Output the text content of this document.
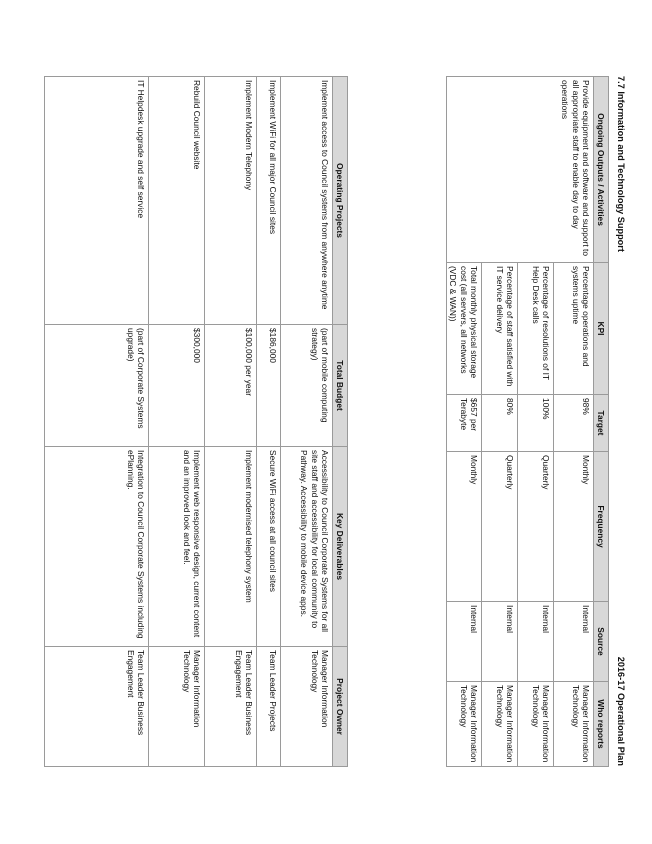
7.7 Information and Technology Support
2016-17 Operational Plan
Ongoing Outputs / Activities	KPI	Target	Frequency	Source	Who reports
Provide equipment and software and support to all appropriate staff to enable day to day operations	Percentage operations and systems uptime	98%	Monthly	Internal	Manager Information Technology
	Percentage of resolutions of IT Help Desk calls	100%	Quarterly	Internal	Manager Information Technology
	Percentage of staff satisfied with IT service delivery	80%	Quarterly	Internal	Manager Information Technology
	Total monthly physical storage cost (all servers, all networks (VDC & WAN))	$657 per Terabyte	Monthly	Internal	Manager Information Technology
Operating Projects	Total Budget	Key Deliverables	Project Owner
Implement access to Council systems from anywhere anytime	(part of mobile computing strategy)	Accessibility to Council Corporate Systems for all site staff and accessibility for local community to Pathway. Accessibility to mobile device apps.	Manager Information Technology
Implement WiFi for all major Council sites	$186,000	Secure WiFi access at all council sites	Team Leader Projects
Implement Modern Telephony	$100,000 per year	Implement modernised telephony system	Team Leader Business Engagement
Rebuild Council website	$300,000	Implement web responsive design, current content and an improved look and feel.	Manager Information Technology
IT Helpdesk upgrade and self service	(part of Corporate Systems upgrade)	Integration to Council Corporate Systems including ePlanning.	Team Leader Business Engagement
